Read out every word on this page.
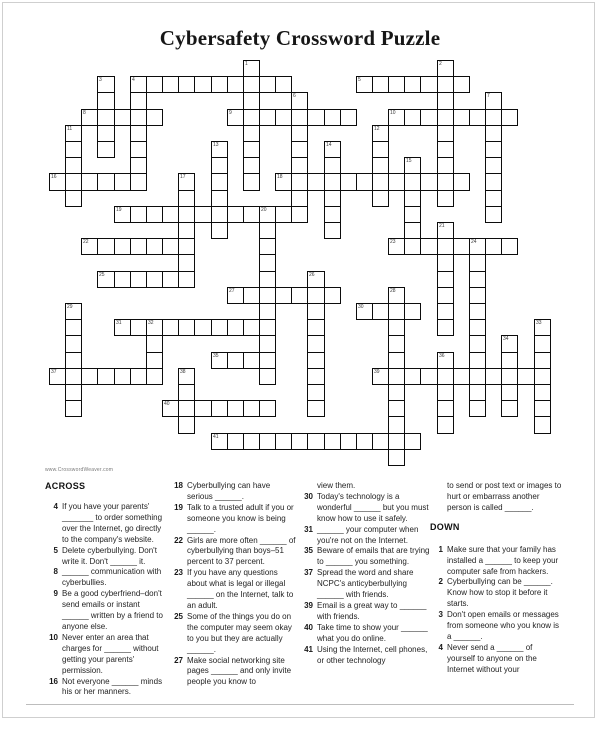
Cybersafety Crossword Puzzle
4	5
8	9	10
16	18
19	20
22	23	24
25
27
30
31	32
35
37	39
40
41
1	2
3
6	7
11	12
13	14
15
17
21
26
28
29
33
34
36
38
www.CrosswordWeaver.com
ACROSS
4 If you have your parents' _______ to order something over the Internet, go directly to the company's website.
5 Delete cyberbullying. Don't write it. Don't ______ it.
8 ______ communication with cyberbullies.
9 Be a good cyberfriend–don't send emails or instant ______ written by a friend to anyone else.
10 Never enter an area that charges for ______ without getting your parents' permission.
16 Not everyone ______ minds his or her manners.
18 Cyberbullying can have serious ______.
19 Talk to a trusted adult if you or someone you know is being ______.
22 Girls are more often ______ of cyberbullying than boys–51 percent to 37 percent.
23 If you have any questions about what is legal or illegal ______ on the Internet, talk to an adult.
25 Some of the things you do on the computer may seem okay to you but they are actually ______.
27 Make social networking site pages ______ and only invite people you know to
view them.
30 Today's technology is a wonderful ______ but you must know how to use it safely.
31 ______ your computer when you're not on the Internet.
35 Beware of emails that are trying to ______ you something.
37 Spread the word and share NCPC's anticyberbullying ______ with friends.
39 Email is a great way to ______ with friends.
40 Take time to show your ______ what you do online.
41 Using the Internet, cell phones, or other technology
to send or post text or images to hurt or embarrass another person is called ______.
DOWN
1 Make sure that your family has installed a ______ to keep your computer safe from hackers.
2 Cyberbullying can be ______. Know how to stop it before it starts.
3 Don't open emails or messages from someone who you know is a ______.
4 Never send a ______ of yourself to anyone on the Internet without your
